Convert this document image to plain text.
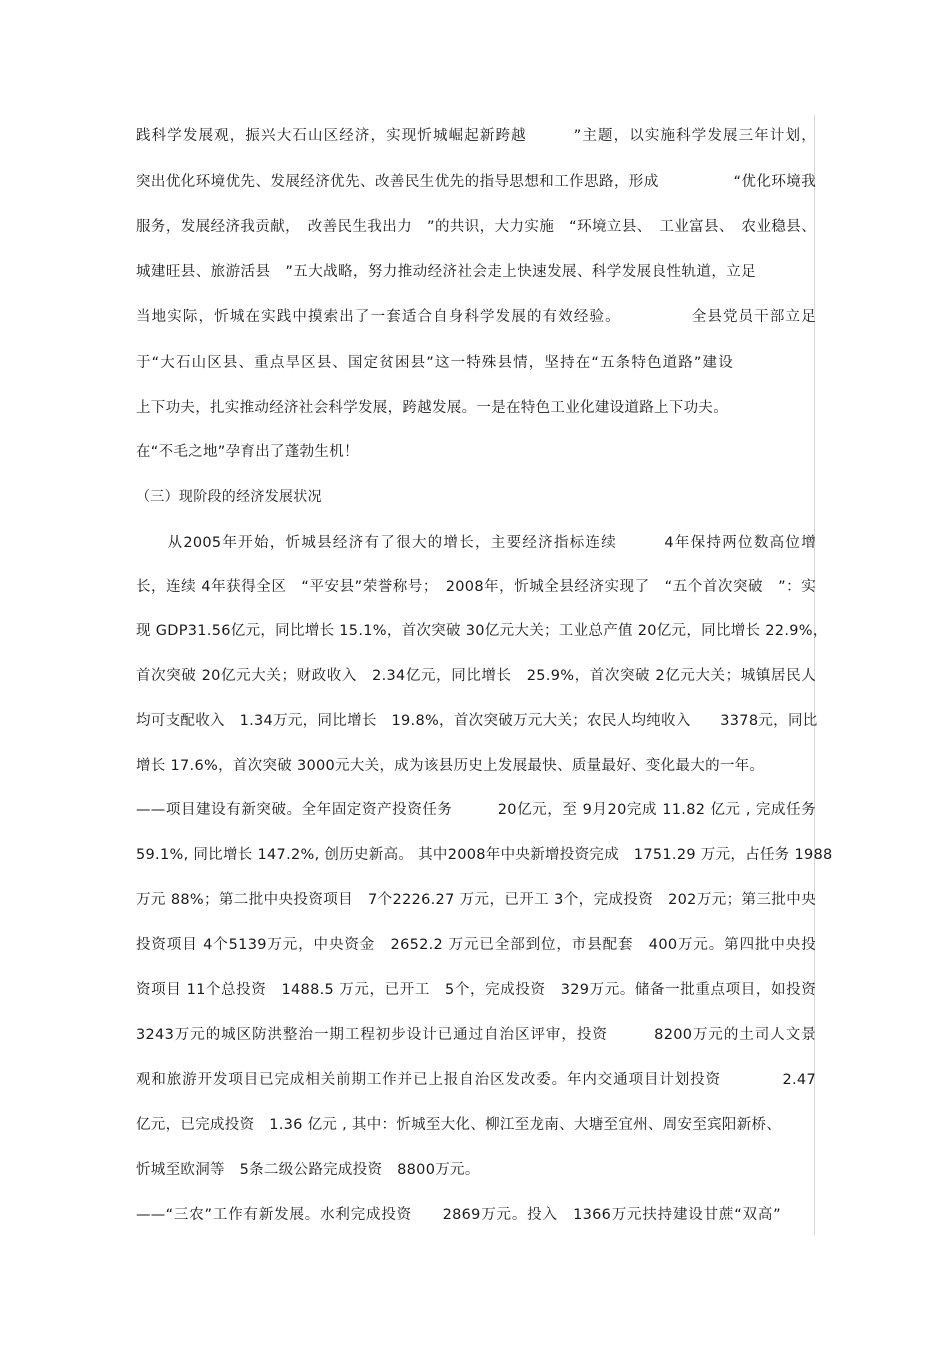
践科学发展观，振兴大石山区经济，实现忻城崛起新跨越　　　”主题，以实施科学发展三年计划，
突出优化环境优先、发展经济优先、改善民生优先的指导思想和工作思路，形成　　　　　“优化环境我
服务，发展经济我贡献，　改善民生我出力　”的共识，大力实施　“环境立县、　工业富县、　农业稳县、
城建旺县、旅游活县　”五大战略，努力推动经济社会走上快速发展、科学发展良性轨道，立足
当地实际，忻城在实践中摸索出了一套适合自身科学发展的有效经验。　　　　　全县党员干部立足
于“大石山区县、重点旱区县、国定贫困县”这一特殊县情，坚持在“五条特色道路”建设
上下功夫，扎实推动经济社会科学发展，跨越发展。一是在特色工业化建设道路上下功夫。
在“不毛之地”孕育出了蓬勃生机！
（三）现阶段的经济发展状况
　　从2005年开始，忻城县经济有了很大的增长，主要经济指标连续　　　4年保持两位数高位增
长，连续 4年获得全区　“平安县”荣誉称号；　2008年，忻城全县经济实现了　“五个首次突破　”：实
现 GDP31.56亿元，同比增长 15.1%，首次突破 30亿元大关；工业总产值 20亿元，同比增长 22.9%，
首次突破 20亿元大关；财政收入　2.34亿元，同比增长　25.9%，首次突破 2亿元大关；城镇居民人
均可支配收入　1.34万元，同比增长　19.8%，首次突破万元大关；农民人均纯收入　　3378元，同比
增长 17.6%，首次突破 3000元大关，成为该县历史上发展最快、质量最好、变化最大的一年。
——项目建设有新突破。全年固定资产投资任务　　　20亿元，至 9月20完成 11.82 亿元 , 完成任务
59.1%, 同比增长 147.2%, 创历史新高。 其中2008年中央新增投资完成　1751.29 万元，占任务 1988
万元 88%；第二批中央投资项目　7个2226.27 万元，已开工 3个，完成投资　202万元；第三批中央
投资项目 4个5139万元，中央资金　2652.2 万元已全部到位，市县配套　400万元。第四批中央投
资项目 11个总投资　1488.5 万元，已开工　5个，完成投资　329万元。储备一批重点项目，如投资
3243万元的城区防洪整治一期工程初步设计已通过自治区评审，投资　　　8200万元的土司人文景
观和旅游开发项目已完成相关前期工作并已上报自治区发改委。年内交通项目计划投资　　　　2.47
亿元，已完成投资　1.36 亿元 , 其中：忻城至大化、柳江至龙南、大塘至宜州、周安至宾阳新桥、
忻城至欧洞等　5条二级公路完成投资　8800万元。
——“三农”工作有新发展。水利完成投资　　2869万元。投入　1366万元扶持建设甘蔗“双高”
